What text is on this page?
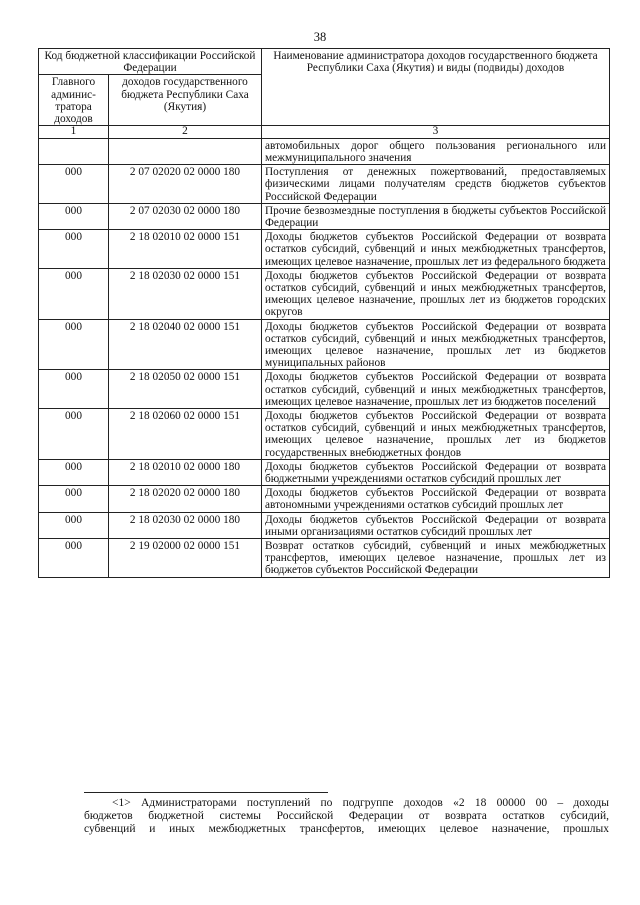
38
Код бюджетной классификации Российской Федерации		Наименование администратора доходов государственного бюджета Республики Саха (Якутия) и виды (подвиды) доходов
Главного админис-тратора доходов	доходов государственного бюджета Республики Саха (Якутия)	
1	2	3
		автомобильных дорог общего пользования регионального или межмуниципального значения
000	2 07 02020 02 0000 180	Поступления от денежных пожертвований, предоставляемых физическими лицами получателям средств бюджетов субъектов Российской Федерации
000	2 07 02030 02 0000 180	Прочие безвозмездные поступления в бюджеты субъектов Российской Федерации
000	2 18 02010 02 0000 151	Доходы бюджетов субъектов Российской Федерации от возврата остатков субсидий, субвенций и иных межбюджетных трансфертов, имеющих целевое назначение, прошлых лет из федерального бюджета
000	2 18 02030 02 0000 151	Доходы бюджетов субъектов Российской Федерации от возврата остатков субсидий, субвенций и иных межбюджетных трансфертов, имеющих целевое назначение, прошлых лет из бюджетов городских округов
000	2 18 02040 02 0000 151	Доходы бюджетов субъектов Российской Федерации от возврата остатков субсидий, субвенций и иных межбюджетных трансфертов, имеющих целевое назначение, прошлых лет из бюджетов муниципальных районов
000	2 18 02050 02 0000 151	Доходы бюджетов субъектов Российской Федерации от возврата остатков субсидий, субвенций и иных межбюджетных трансфертов, имеющих целевое назначение, прошлых лет из бюджетов поселений
000	2 18 02060 02 0000 151	Доходы бюджетов субъектов Российской Федерации от возврата остатков субсидий, субвенций и иных межбюджетных трансфертов, имеющих целевое назначение, прошлых лет из бюджетов государственных внебюджетных фондов
000	2 18 02010 02 0000 180	Доходы бюджетов субъектов Российской Федерации от возврата бюджетными учреждениями остатков субсидий прошлых лет
000	2 18 02020 02 0000 180	Доходы бюджетов субъектов Российской Федерации от возврата автономными учреждениями остатков субсидий прошлых лет
000	2 18 02030 02 0000 180	Доходы бюджетов субъектов Российской Федерации от возврата иными организациями остатков субсидий прошлых лет
000	2 19 02000 02 0000 151	Возврат остатков субсидий, субвенций и иных межбюджетных трансфертов, имеющих целевое назначение, прошлых лет из бюджетов субъектов Российской Федерации
<1> Администраторами поступлений по подгруппе доходов «2 18 00000 00 – доходы
бюджетов бюджетной системы Российской Федерации от возврата остатков субсидий,
субвенций и иных межбюджетных трансфертов, имеющих целевое назначение, прошлых
